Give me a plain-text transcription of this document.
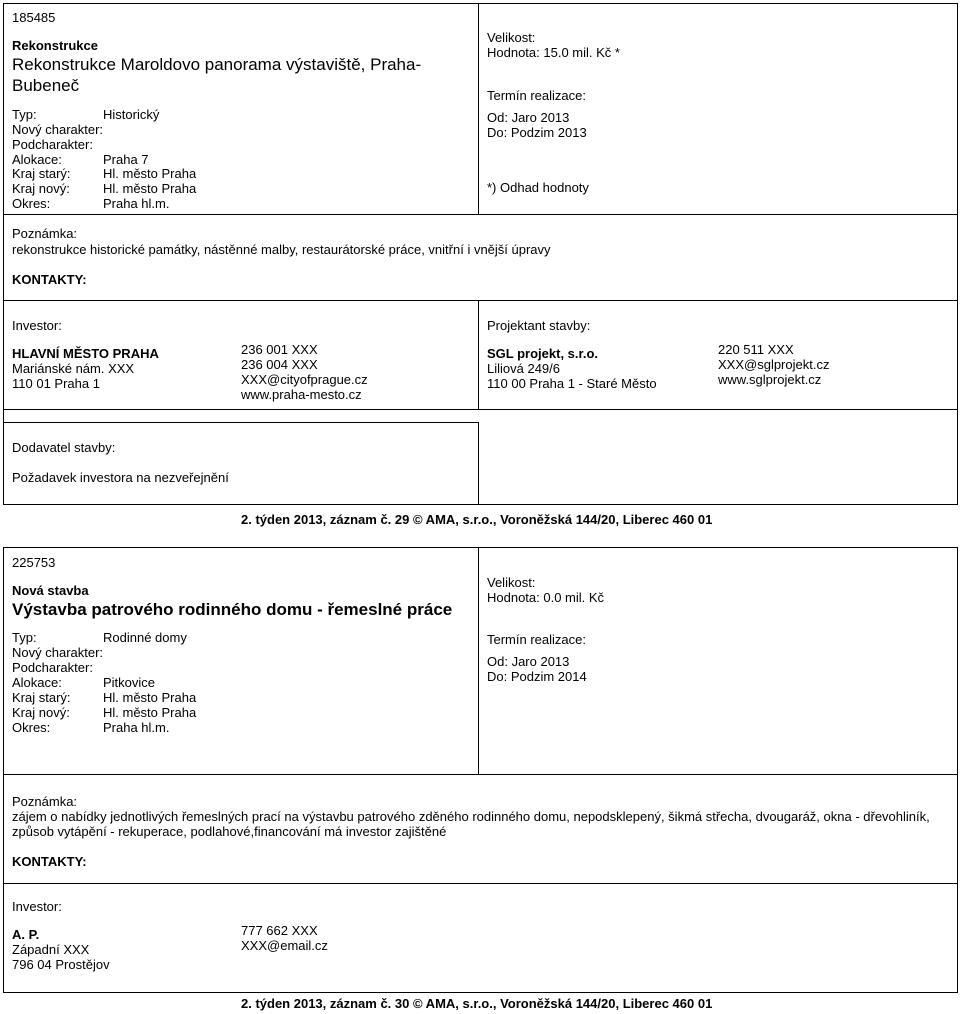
185485
Rekonstrukce
Rekonstrukce Maroldovo panorama výstaviště, Praha-Bubeneč
Typ:	Historický
Nový charakter:
Podcharakter:
Alokace:	Praha 7
Kraj starý: Hl. město Praha
Kraj nový:	Hl. město Praha
Okres:	Praha hl.m.
Velikost:
Hodnota: 15.0 mil. Kč *
Termín realizace:
Od: Jaro 2013
Do: Podzim 2013
*) Odhad hodnoty
Poznámka:
rekonstrukce historické památky, nástěnné malby, restaurátorské práce, vnitřní i vnější úpravy
KONTAKTY:
Investor:
HLAVNÍ MĚSTO PRAHA
Mariánské nám. XXX
110 01 Praha 1
236 001 XXX
236 004 XXX
XXX@cityofprague.cz
www.praha-mesto.cz
Projektant stavby:
SGL projekt, s.r.o.
Liliová 249/6
110 00 Praha 1 - Staré Město
220 511 XXX
XXX@sglprojekt.cz
www.sglprojekt.cz
Dodavatel stavby:
Požadavek investora na nezveřejnění
2. týden 2013, záznam č. 29 © AMA, s.r.o., Voroněžská 144/20, Liberec 460 01
225753
Nová stavba
Výstavba patrového rodinného domu - řemeslné práce
Typ:	Rodinné domy
Nový charakter:
Podcharakter:
Alokace:	Pitkovice
Kraj starý: Hl. město Praha
Kraj nový:	Hl. město Praha
Okres:	Praha hl.m.
Velikost:
Hodnota: 0.0 mil. Kč
Termín realizace:
Od: Jaro 2013
Do: Podzim 2014
Poznámka:
zájem o nabídky jednotlivých řemeslných prací na výstavbu patrového zděného rodinného domu, nepodsklepený, šikmá střecha, dvougaráž, okna - dřevohliník, způsob vytápění - rekuperace, podlahové,financování má investor zajištěné
KONTAKTY:
Investor:
A. P.
Západní XXX
796 04 Prostějov
777 662 XXX
XXX@email.cz
2. týden 2013, záznam č. 30 © AMA, s.r.o., Voroněžská 144/20, Liberec 460 01
